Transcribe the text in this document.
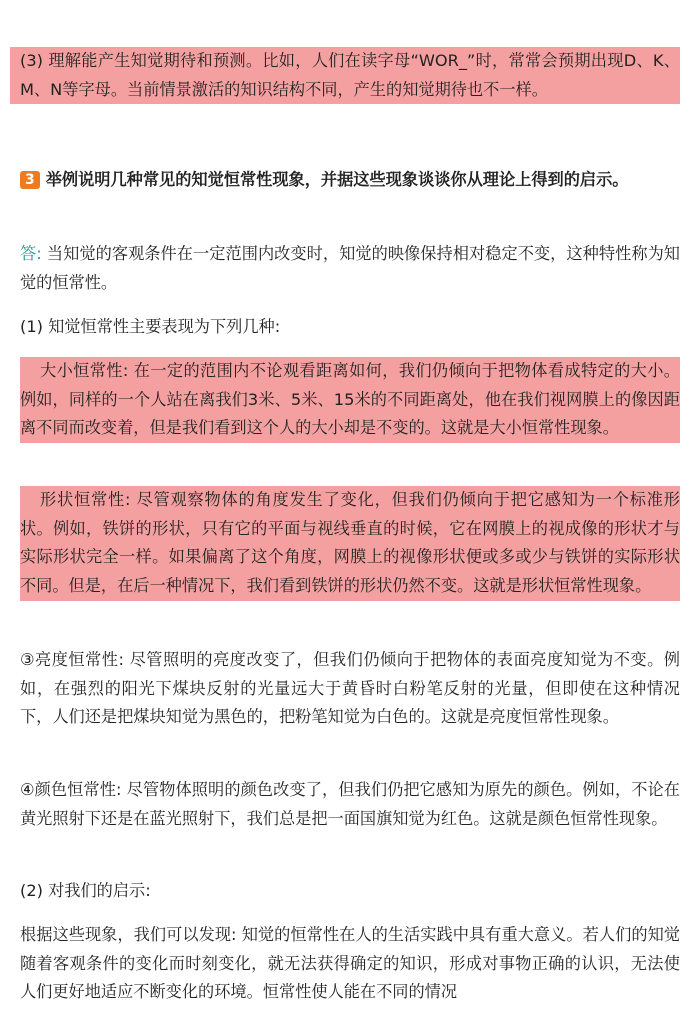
(3) 理解能产生知觉期待和预测。比如，人们在读字母“WOR_”时，常常会预期出现D、K、M、N等字母。当前情景激活的知识结构不同，产生的知觉期待也不一样。

3 举例说明几种常见的知觉恒常性现象，并据这些现象谈谈你从理论上得到的启示。

答: 当知觉的客观条件在一定范围内改变时，知觉的映像保持相对稳定不变，这种特性称为知觉的恒常性。

(1) 知觉恒常性主要表现为下列几种:

大小恒常性: 在一定的范围内不论观看距离如何，我们仍倾向于把物体看成特定的大小。例如，同样的一个人站在离我们3米、5米、15米的不同距离处，他在我们视网膜上的像因距离不同而改变着，但是我们看到这个人的大小却是不变的。这就是大小恒常性现象。

形状恒常性: 尽管观察物体的角度发生了变化，但我们仍倾向于把它感知为一个标准形状。例如，铁饼的形状，只有它的平面与视线垂直的时候，它在网膜上的视成像的形状才与实际形状完全一样。如果偏离了这个角度，网膜上的视像形状便或多或少与铁饼的实际形状不同。但是，在后一种情况下，我们看到铁饼的形状仍然不变。这就是形状恒常性现象。

③亮度恒常性: 尽管照明的亮度改变了，但我们仍倾向于把物体的表面亮度知觉为不变。例如，在强烈的阳光下煤块反射的光量远大于黄昏时白粉笔反射的光量，但即使在这种情况下，人们还是把煤块知觉为黑色的，把粉笔知觉为白色的。这就是亮度恒常性现象。

④颜色恒常性: 尽管物体照明的颜色改变了，但我们仍把它感知为原先的颜色。例如，不论在黄光照射下还是在蓝光照射下，我们总是把一面国旗知觉为红色。这就是颜色恒常性现象。

(2) 对我们的启示:

根据这些现象，我们可以发现: 知觉的恒常性在人的生活实践中具有重大意义。若人们的知觉随着客观条件的变化而时刻变化，就无法获得确定的知识，形成对事物正确的认识，无法使人们更好地适应不断变化的环境。恒常性使人能在不同的情况
